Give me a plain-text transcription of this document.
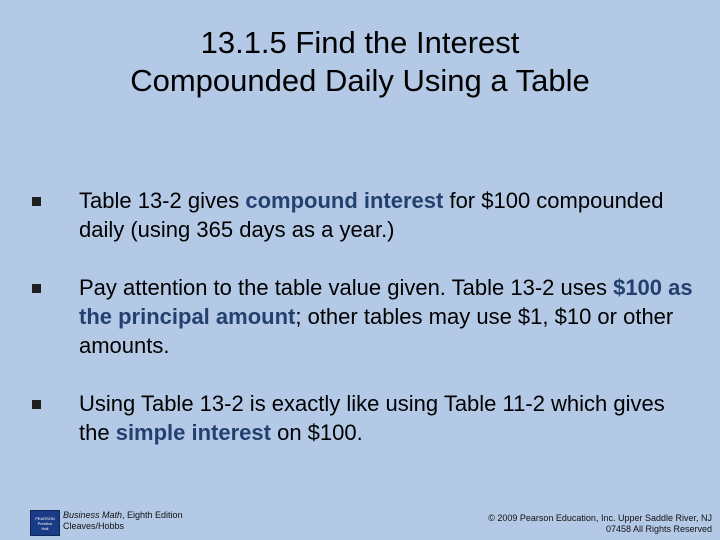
13.1.5 Find the Interest
Compounded Daily Using a Table
Table 13-2 gives compound interest for $100 compounded daily (using 365 days as a year.)
Pay attention to the table value given. Table 13-2 uses $100 as the principal amount; other tables may use $1, $10 or other amounts.
Using Table 13-2 is exactly like using Table 11-2 which gives the simple interest on $100.
PEARSON
Prentice
Hall
Business Math, Eighth Edition
Cleaves/Hobbs
© 2009 Pearson Education, Inc. Upper Saddle River, NJ
07458 All Rights Reserved
